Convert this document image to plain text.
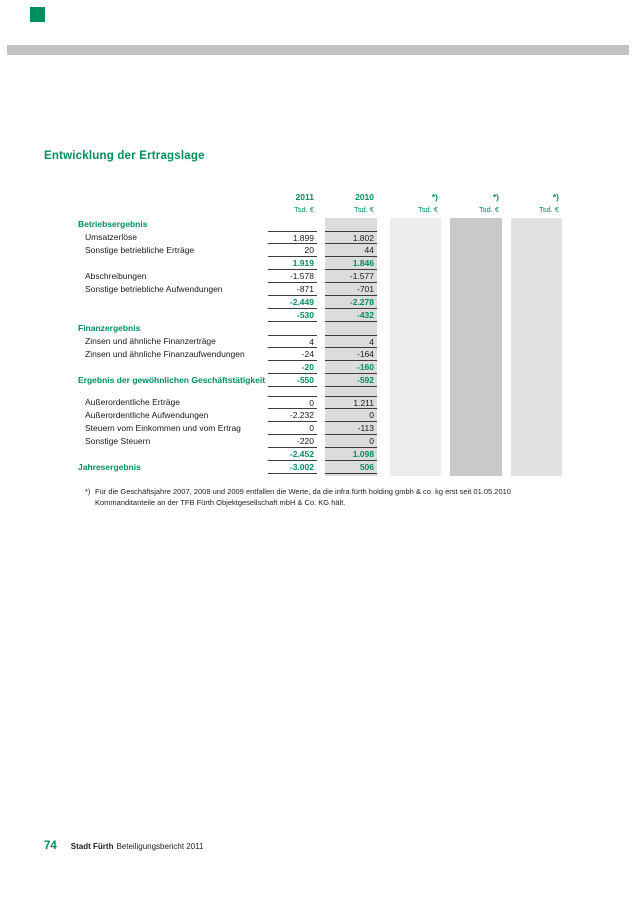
Entwicklung der Ertragslage
2011	2010	*)	*)	*)
Tsd. €	Tsd. €	Tsd. €	Tsd. €	Tsd. €
Betriebsergebnis
Umsatzerlöse	1.899	1.802
Sonstige betriebliche Erträge	20	44
1.919	1.846
Abschreibungen	-1.578	-1.577
Sonstige betriebliche Aufwendungen	-871	-701
-2.449	-2.278
-530	-432
Finanzergebnis
Zinsen und ähnliche Finanzerträge	4	4
Zinsen und ähnliche Finanzaufwendungen	-24	-164
-20	-160
Ergebnis der gewöhnlichen Geschäftstätigkeit	-550	-592
Außerordentliche Erträge	0	1.211
Außerordentliche Aufwendungen	-2.232	0
Steuern vom Einkommen und vom Ertrag	0	-113
Sonstige Steuern	-220	0
-2.452	1.098
Jahresergebnis	-3.002	506
*) Für die Geschäftsjahre 2007, 2008 und 2009 entfallen die Werte, da die infra fürth holding gmbh & co. kg erst seit 01.05.2010 Kommanditanteile an der TFB Fürth Objektgesellschaft mbH & Co. KG hält.
74 Stadt Fürth Beteiligungsbericht 2011
